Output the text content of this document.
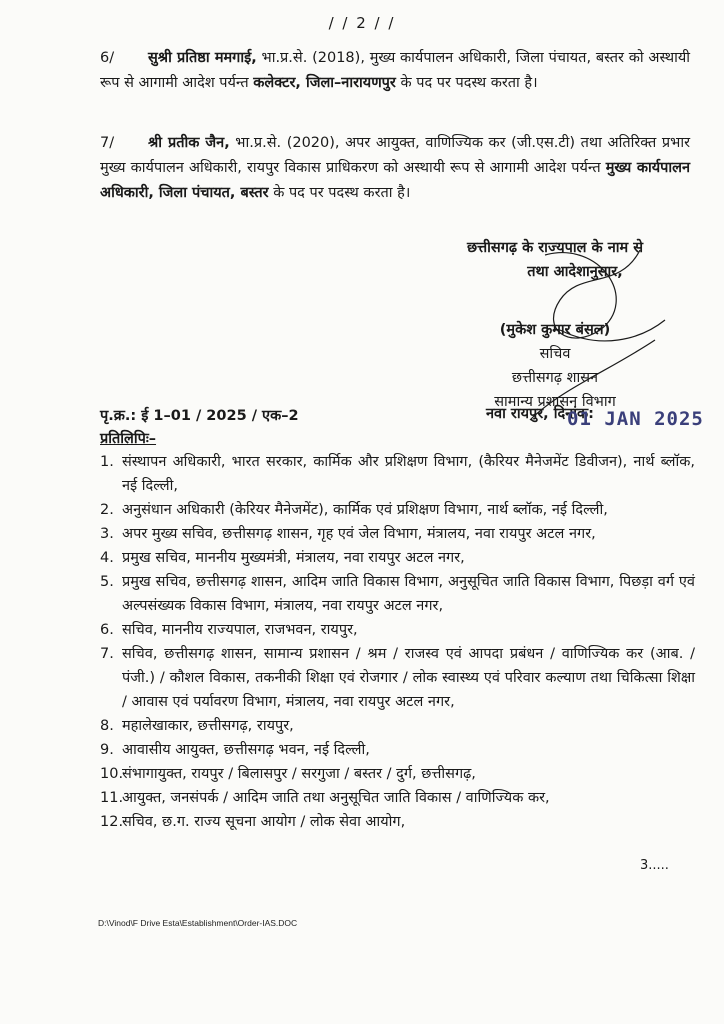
/ / 2 / /
6/ सुश्री प्रतिष्ठा ममगाई, भा.प्र.से. (2018), मुख्य कार्यपालन अधिकारी, जिला पंचायत, बस्तर को अस्थायी रूप से आगामी आदेश पर्यन्त कलेक्टर, जिला–नारायणपुर के पद पर पदस्थ करता है।
7/ श्री प्रतीक जैन, भा.प्र.से. (2020), अपर आयुक्त, वाणिज्यिक कर (जी.एस.टी) तथा अतिरिक्त प्रभार मुख्य कार्यपालन अधिकारी, रायपुर विकास प्राधिकरण को अस्थायी रूप से आगामी आदेश पर्यन्त मुख्य कार्यपालन अधिकारी, जिला पंचायत, बस्तर के पद पर पदस्थ करता है।
छत्तीसगढ़ के राज्यपाल के नाम से
तथा आदेशानुसार,
(मुकेश कुमार बंसल)
सचिव
छत्तीसगढ़ शासन
सामान्य प्रशासन विभाग
पृ.क्र.: ई 1–01 / 2025 / एक–2	नवा रायपुर, दिनांक:
01 JAN 2025
प्रतिलिपिः–
1. संस्थापन अधिकारी, भारत सरकार, कार्मिक और प्रशिक्षण विभाग, (कैरियर मैनेजमेंट डिवीजन), नार्थ ब्लॉक, नई दिल्ली,
2. अनुसंधान अधिकारी (केरियर मैनेजमेंट), कार्मिक एवं प्रशिक्षण विभाग, नार्थ ब्लॉक, नई दिल्ली,
3. अपर मुख्य सचिव, छत्तीसगढ़ शासन, गृह एवं जेल विभाग, मंत्रालय, नवा रायपुर अटल नगर,
4. प्रमुख सचिव, माननीय मुख्यमंत्री, मंत्रालय, नवा रायपुर अटल नगर,
5. प्रमुख सचिव, छत्तीसगढ़ शासन, आदिम जाति विकास विभाग, अनुसूचित जाति विकास विभाग, पिछड़ा वर्ग एवं अल्पसंख्यक विकास विभाग, मंत्रालय, नवा रायपुर अटल नगर,
6. सचिव, माननीय राज्यपाल, राजभवन, रायपुर,
7. सचिव, छत्तीसगढ़ शासन, सामान्य प्रशासन / श्रम / राजस्व एवं आपदा प्रबंधन / वाणिज्यिक कर (आब. / पंजी.) / कौशल विकास, तकनीकी शिक्षा एवं रोजगार / लोक स्वास्थ्य एवं परिवार कल्याण तथा चिकित्सा शिक्षा / आवास एवं पर्यावरण विभाग, मंत्रालय, नवा रायपुर अटल नगर,
8. महालेखाकार, छत्तीसगढ़, रायपुर,
9. आवासीय आयुक्त, छत्तीसगढ़ भवन, नई दिल्ली,
10.
संभागायुक्त, रायपुर / बिलासपुर / सरगुजा / बस्तर / दुर्ग, छत्तीसगढ़,
11.
आयुक्त, जनसंपर्क / आदिम जाति तथा अनुसूचित जाति विकास / वाणिज्यिक कर,
12.
सचिव, छ.ग. राज्य सूचना आयोग / लोक सेवा आयोग,
3.....
D:\Vinod\F Drive Esta\Establishment\Order-IAS.DOC
